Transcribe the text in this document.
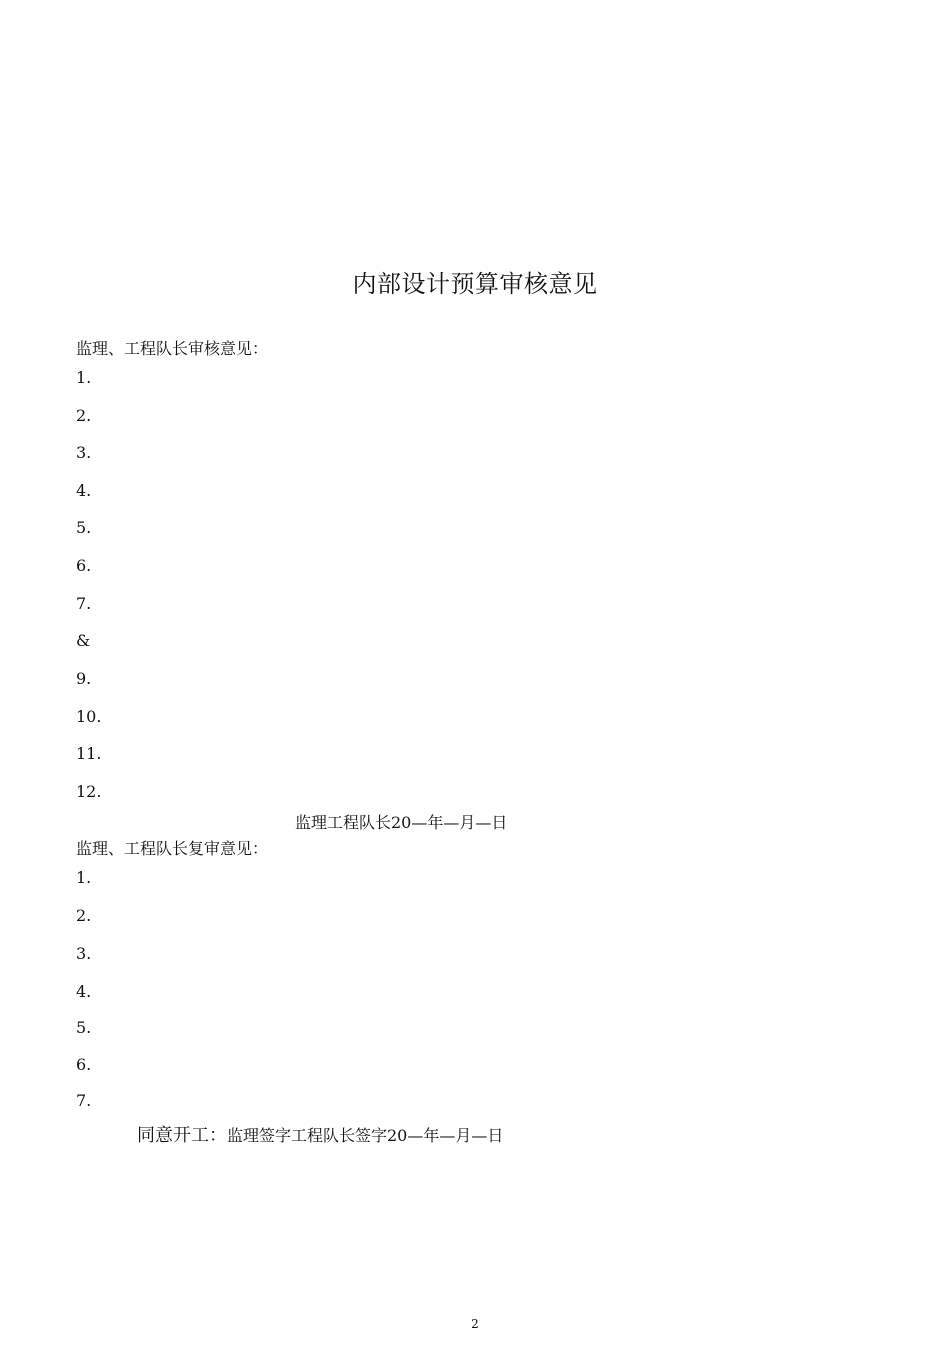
内部设计预算审核意见
监理、工程队长审核意见：
1.
2.
3.
4.
5.
6.
7.
&
9.
10.
11.
12.
监理工程队长20—年—月—日
监理、工程队长复审意见：
1.
2.
3.
4.
5.
6.
7.
同意开工：监理签字工程队长签字20—年—月—日
2
